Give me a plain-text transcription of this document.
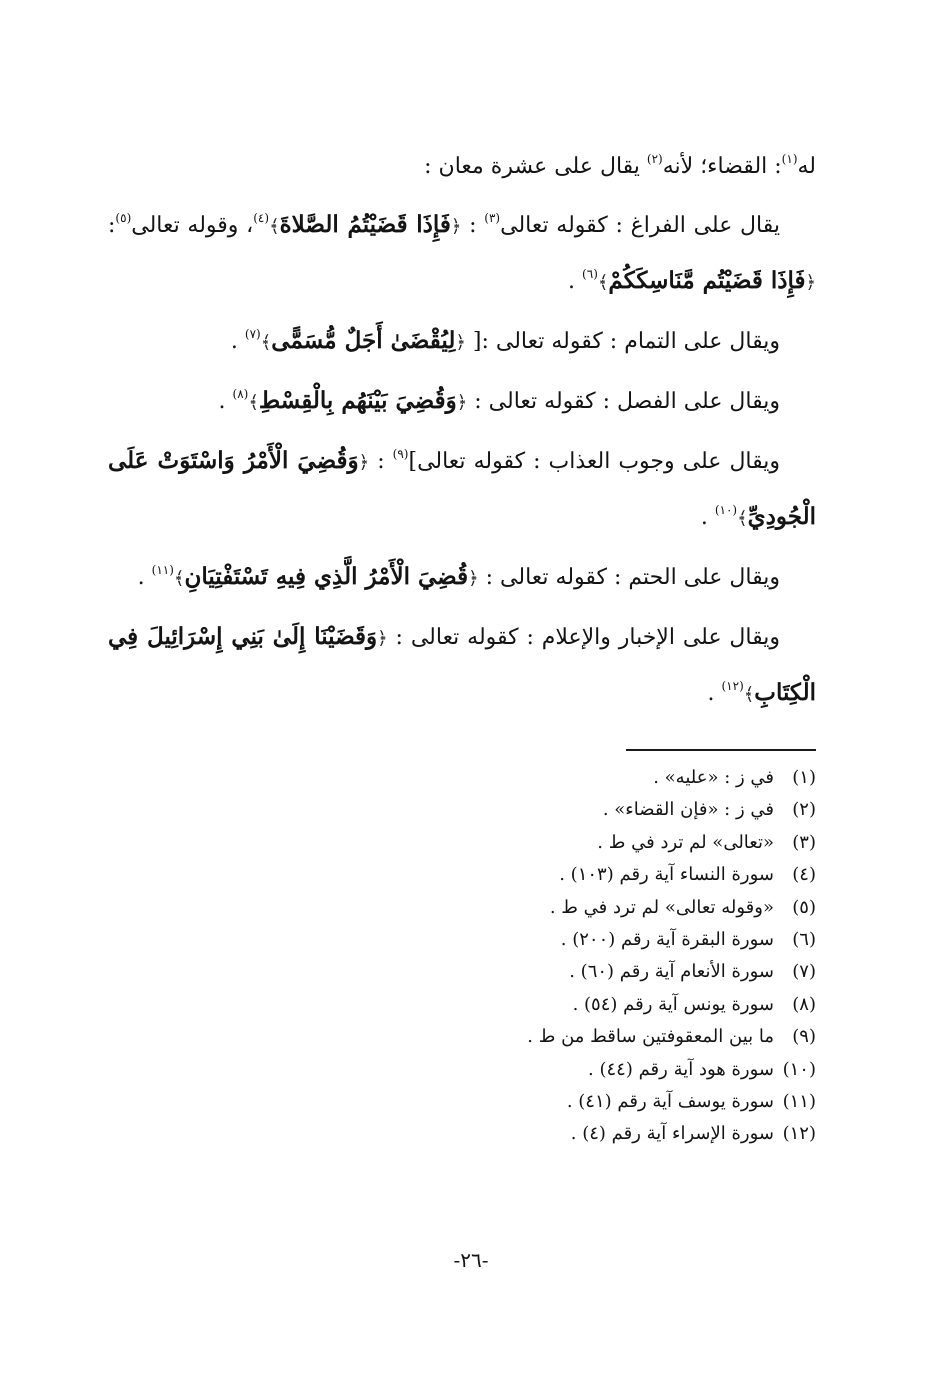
له$^{(١)}$: القضاء؛ لأنه$^{(٢)}$ يقال على عشرة معان :

يقال على الفراغ : كقوله تعالى$^{(٣)}$ : ﴿فَإِذَا قَضَيْتُمُ الصَّلاةَ﴾$^{(٤)}$، وقوله تعالى$^{(٥)}$: ﴿فَإِذَا قَضَيْتُم مَّنَاسِكَكُمْ﴾$^{(٦)}$ .

ويقال على التمام : كقوله تعالى :[ ﴿لِيُقْضَىٰ أَجَلٌ مُّسَمًّى﴾$^{(٧)}$ .

ويقال على الفصل : كقوله تعالى : ﴿وَقُضِيَ بَيْنَهُم بِالْقِسْطِ﴾$^{(٨)}$ .

ويقال على وجوب العذاب : كقوله تعالى]$^{(٩)}$ : ﴿وَقُضِيَ الْأَمْرُ وَاسْتَوَتْ عَلَى الْجُودِيِّ﴾$^{(١٠)}$ .

ويقال على الحتم : كقوله تعالى : ﴿قُضِيَ الْأَمْرُ الَّذِي فِيهِ تَسْتَفْتِيَانِ﴾$^{(١١)}$ .

ويقال على الإخبار والإعلام : كقوله تعالى : ﴿وَقَضَيْنَا إِلَىٰ بَنِي إِسْرَائِيلَ فِي الْكِتَابِ﴾$^{(١٢)}$ .

(١)في ز : «عليه» .
(٢)في ز : «فإن القضاء» .
(٣)«تعالى» لم ترد في ط .
(٤)سورة النساء آية رقم (١٠٣) .
(٥)«وقوله تعالى» لم ترد في ط .
(٦)سورة البقرة آية رقم (٢٠٠) .
(٧)سورة الأنعام آية رقم (٦٠) .
(٨)سورة يونس آية رقم (٥٤) .
(٩)ما بين المعقوفتين ساقط من ط .
(١٠)سورة هود آية رقم (٤٤) .
(١١)سورة يوسف آية رقم (٤١) .
(١٢)سورة الإسراء آية رقم (٤) .
-٢٦-
